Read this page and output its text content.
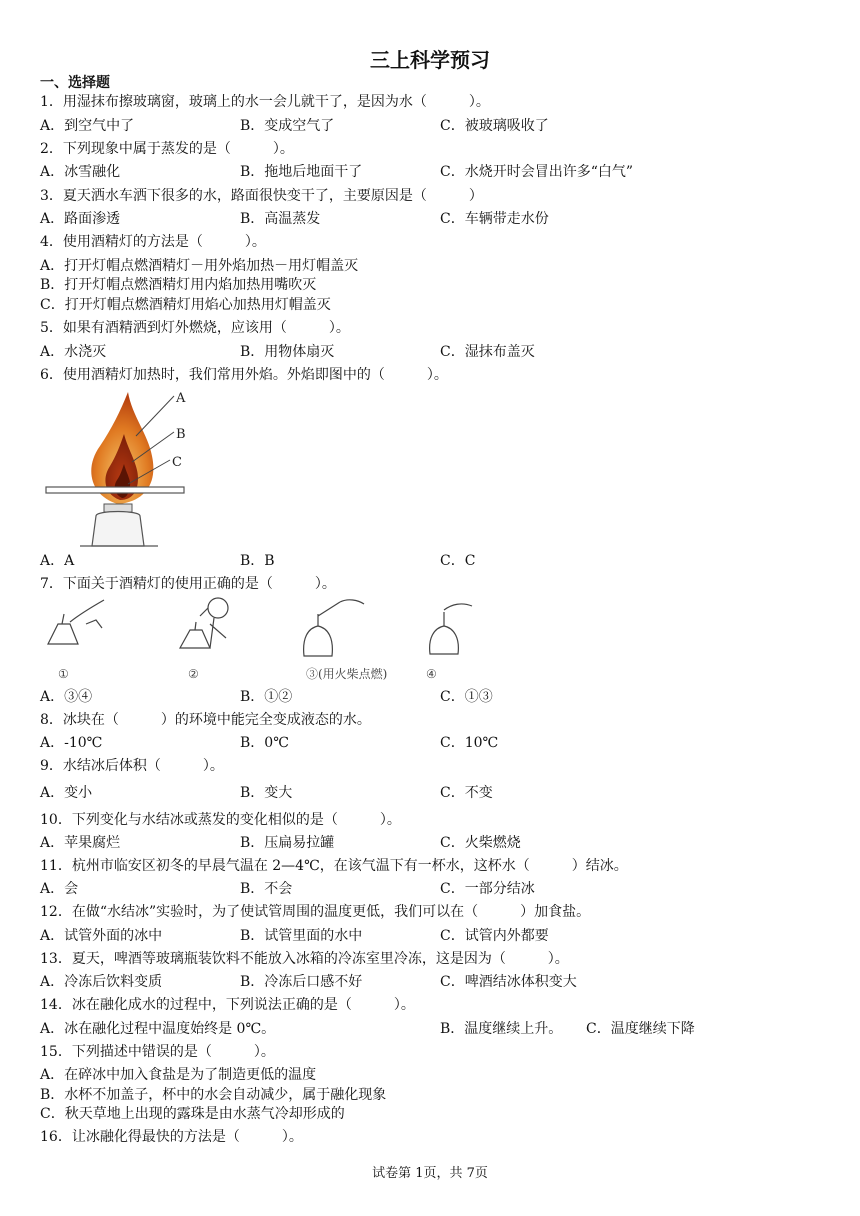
三上科学预习
一、选择题
1．用湿抹布擦玻璃窗，玻璃上的水一会儿就干了，是因为水（　　　）。
A．到空气中了	B．变成空气了	C．被玻璃吸收了
2．下列现象中属于蒸发的是（　　　）。
A．冰雪融化	B．拖地后地面干了	C．水烧开时会冒出许多“白气”
3．夏天洒水车洒下很多的水，路面很快变干了，主要原因是（　　　）
A．路面渗透	B．高温蒸发	C．车辆带走水份
4．使用酒精灯的方法是（　　　）。
A．打开灯帽点燃酒精灯－用外焰加热－用灯帽盖灭
B．打开灯帽点燃酒精灯用内焰加热用嘴吹灭
C．打开灯帽点燃酒精灯用焰心加热用灯帽盖灭
5．如果有酒精洒到灯外燃烧，应该用（　　　）。
A．水浇灭	B．用物体扇灭	C．湿抹布盖灭
6．使用酒精灯加热时，我们常用外焰。外焰即图中的（　　　）。
A
B
C
A．A	B．B	C．C
7．下面关于酒精灯的使用正确的是（　　　）。
①	②	③(用火柴点燃)	④
A．③④	B．①②	C．①③
8．冰块在（　　　）的环境中能完全变成液态的水。
A．-10℃	B．0℃	C．10℃
9．水结冰后体积（　　　）。
A．变小	B．变大	C．不变
10．下列变化与水结冰或蒸发的变化相似的是（　　　）。
A．苹果腐烂	B．压扁易拉罐	C．火柴燃烧
11．杭州市临安区初冬的早晨气温在 2—4℃，在该气温下有一杯水，这杯水（　　　）结冰。
A．会	B．不会	C．一部分结冰
12．在做“水结冰”实验时，为了使试管周围的温度更低，我们可以在（　　　）加食盐。
A．试管外面的冰中	B．试管里面的水中	C．试管内外都要
13．夏天，啤酒等玻璃瓶装饮料不能放入冰箱的冷冻室里冷冻，这是因为（　　　）。
A．冷冻后饮料变质	B．冷冻后口感不好	C．啤酒结冰体积变大
14．冰在融化成水的过程中，下列说法正确的是（　　　）。
A．冰在融化过程中温度始终是 0℃。	B．温度继续上升。 C．温度继续下降
15．下列描述中错误的是（　　　）。
A．在碎冰中加入食盐是为了制造更低的温度
B．水杯不加盖子，杯中的水会自动减少，属于融化现象
C．秋天草地上出现的露珠是由水蒸气冷却形成的
16．让冰融化得最快的方法是（　　　）。
试卷第 1页，共 7页
